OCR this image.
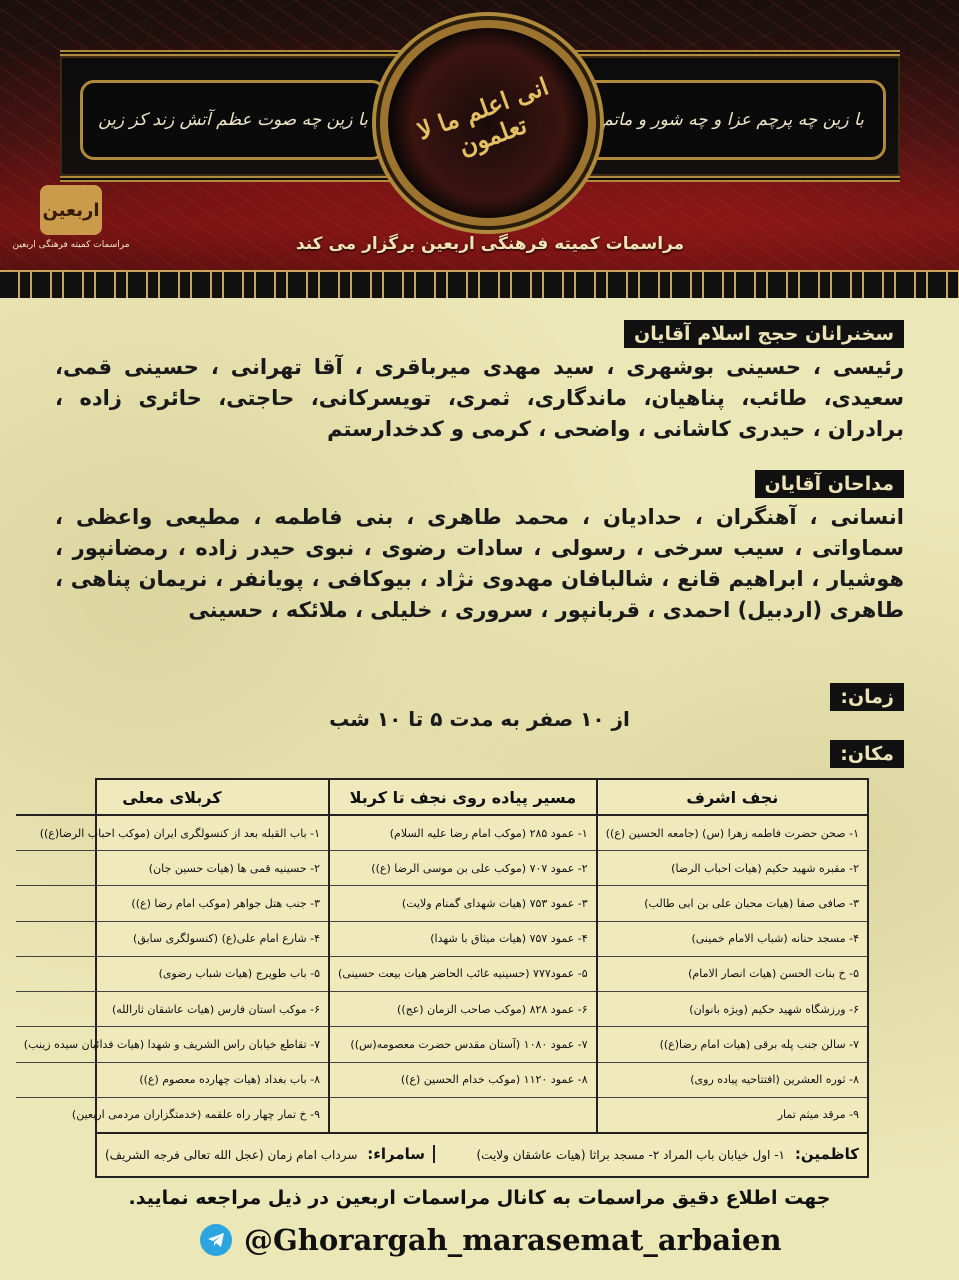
با زین چه صوت عظم آتش زند کز زین	با زین چه پرچم عزا و چه شور و ماتم
انی اعلم ما لا تعلمون
اربعین
مراسمات کمیته فرهنگی اربعین	مراسمات کمیته فرهنگی اربعین برگزار می کند
سخنرانان حجج اسلام آقایان
رئیسی ، حسینی بوشهری ، سید مهدی میرباقری ، آقا تهرانی ، حسینی قمی، سعیدی، طائب، پناهیان، ماندگاری، ثمری، تویسرکانی، حاجتی، حائری زاده ، برادران ، حیدری کاشانی ، واضحی ، کرمی و کدخدارستم
مداحان آقایان
انسانی ، آهنگران ، حدادیان ، محمد طاهری ، بنی فاطمه ، مطیعی واعظی ، سماواتی ، سیب سرخی ، رسولی ، سادات رضوی ، نبوی حیدر زاده ، رمضانپور ، هوشیار ، ابراهیم قانع ، شالبافان مهدوی نژاد ، بیوکافی ، پویانفر ، نریمان پناهی ، طاهری (اردبیل) احمدی ، قربانپور ، سروری ، خلیلی ، ملائکه ، حسینی
زمان:
از ۱۰ صفر به مدت ۵ تا ۱۰ شب
مکان:
نجف اشرف
۱- صحن حضرت فاطمه زهرا (س) (جامعه الحسین (ع))
۲- مقبره شهید حکیم (هیات احباب الرضا)
۳- صافی صفا (هیات محبان علی بن ابی طالب)
۴- مسجد حنانه (شباب الامام خمینی)
۵- خ بنات الحسن (هیات انصار الامام)
۶- ورزشگاه شهید حکیم (ویژه بانوان)
۷- سالن جنب پله برقی (هیات امام رضا(ع))
۸- ثوره العشرین (افتتاحیه پیاده روی)
۹- مرقد میثم تمار
مسیر پیاده روی نجف تا کربلا
۱- عمود ۲۸۵ (موکب امام رضا علیه السلام)
۲- عمود ۷۰۷ (موکب علی بن موسی الرضا (ع))
۳- عمود ۷۵۳ (هیات شهدای گمنام ولایت)
۴- عمود ۷۵۷ (هیات میثاق با شهدا)
۵- عمود۷۷۷ (حسینیه غائب الحاضر هیات بیعت حسینی)
۶- عمود ۸۲۸ (موکب صاحب الزمان (عج))
۷- عمود ۱۰۸۰ (آستان مقدس حضرت معصومه(س))
۸- عمود ۱۱۲۰ (موکب خدام الحسین (ع))
کربلای معلی
۱- باب القبله بعد از کنسولگری ایران (موکب احباب الرضا(ع))
۲- حسینیه قمی ها (هیات حسین جان)
۳- جنب هتل جواهر (موکب امام رضا (ع))
۴- شارع امام علی(ع) (کنسولگری سابق)
۵- باب طویرج (هیات شباب رضوی)
۶- موکب استان فارس (هیات عاشقان ثارالله)
۷- تقاطع خیابان راس الشریف و شهدا (هیات فدائیان سیده زینب)
۸- باب بغداد (هیات چهارده معصوم (ع))
۹- خ تمار چهار راه علقمه (خدمتگزاران مردمی اربعین)
کاظمین: ۱- اول خیابان باب المراد ۲- مسجد براثا (هیات عاشقان ولایت)
سامراء: سرداب امام زمان (عجل الله تعالی فرجه الشریف)
جهت اطلاع دقیق مراسمات به کانال مراسمات اربعین در ذیل مراجعه نمایید.
@Ghorargah_marasemat_arbaien
